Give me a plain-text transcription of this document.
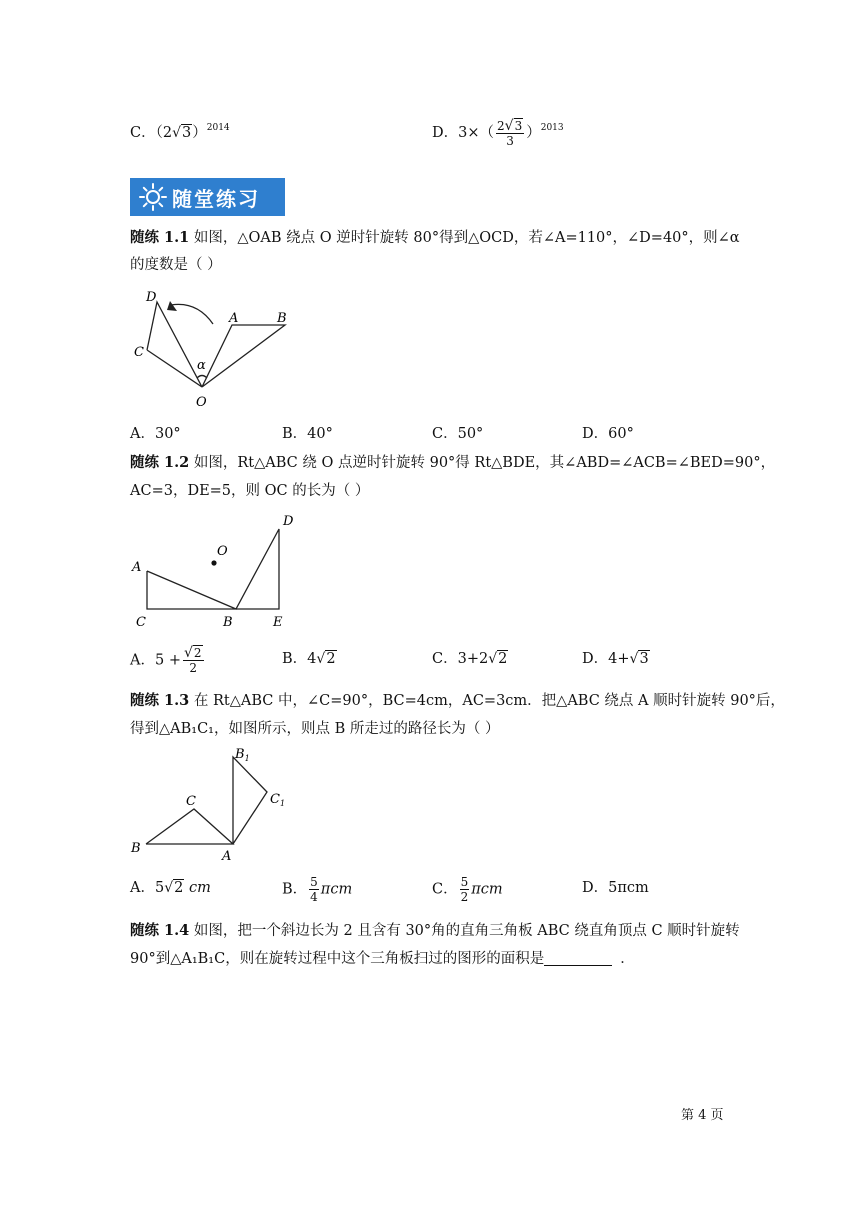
C．$(2√3)^{2014}$	D．$3\times( \frac{2√3}{3} )^{2013}$
随堂练习
随练 1.1 如图，△OAB 绕点 O 逆时针旋转 80°得到△OCD，若∠A=110°，∠D=40°，则∠α
的度数是（ ）
D
A	B
C
α
O
A．30°	B．40°	C．50°	D．60°
随练 1.2 如图，Rt△ABC 绕 O 点逆时针旋转 90°得 Rt△BDE，其∠ABD=∠ACB=∠BED=90°，
AC=3，DE=5，则 OC 的长为（ ）
D
O
A
C	B	E
A．$5 + \frac{√2}{2}$	B．4√2	C．3+2√2	D．4+√3
随练 1.3 在 Rt△ABC 中，∠C=90°，BC=4cm，AC=3cm．把△ABC 绕点 A 顺时针旋转 90°后，
得到△AB₁C₁，如图所示，则点 B 所走过的路径长为（ ）
$B_1$
$C_1$
C
B
A
A．5√2 cm	B． $\frac{5}{4}$ πcm	C． $\frac{5}{2}$ πcm	D．5πcm
随练 1.4 如图，把一个斜边长为 2 且含有 30°角的直角三角板 ABC 绕直角顶点 C 顺时针旋转
90°到△A₁B₁C，则在旋转过程中这个三角板扫过的图形的面积是	．
第 4 页
